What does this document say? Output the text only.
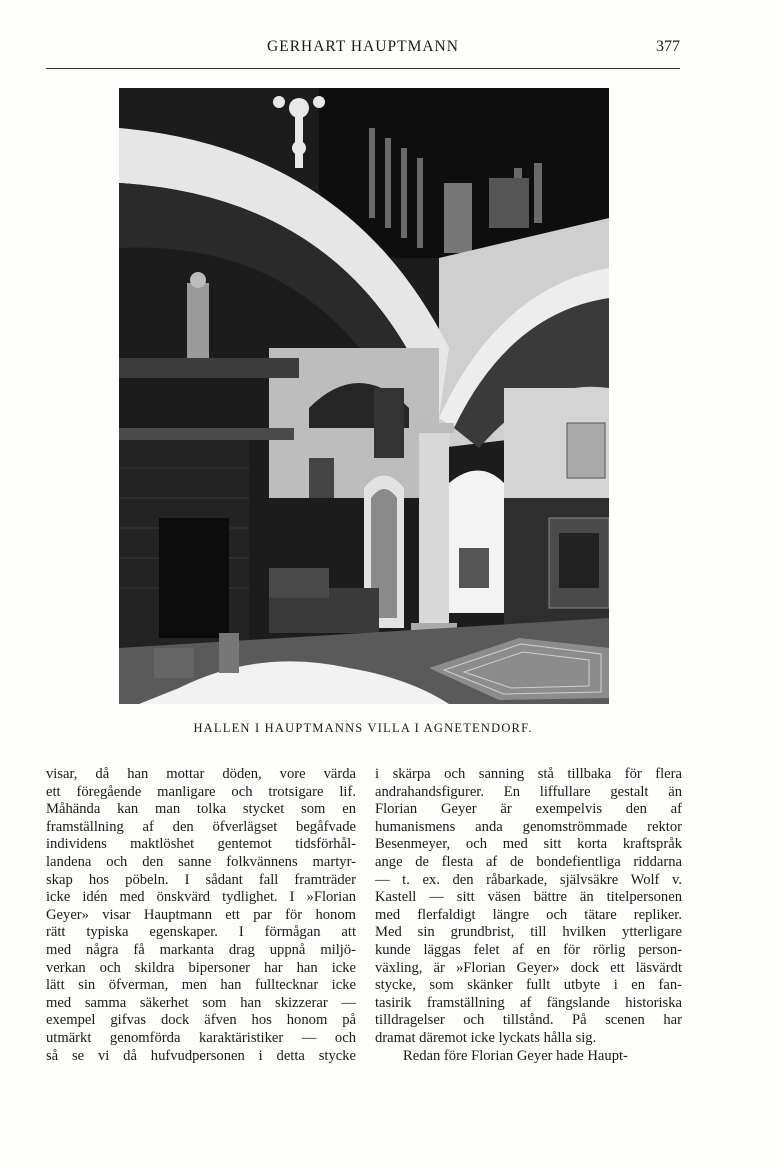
GERHART HAUPTMANN	377
HALLEN I HAUPTMANNS VILLA I AGNETENDORF.
visar, då han mottar döden, vore värda
ett föregående manligare och trotsigare lif.
Måhända kan man tolka stycket som en
framställning af den öfverlägset begåfvade
individens maktlöshet gentemot tidsförhål-
landena och den sanne folkvännens martyr-
skap hos pöbeln. I sådant fall framträder
icke idén med önskvärd tydlighet. I »Florian
Geyer» visar Hauptmann ett par för honom
rätt typiska egenskaper. I förmågan att
med några få markanta drag uppnå miljö-
verkan och skildra bipersoner har han icke
lätt sin öfverman, men han fulltecknar icke
med samma säkerhet som han skizzerar —
exempel gifvas dock äfven hos honom på
utmärkt genomförda karaktäristiker — och
så se vi då hufvudpersonen i detta stycke
i skärpa och sanning stå tillbaka för flera
andrahandsfigurer. En liffullare gestalt än
Florian Geyer är exempelvis den af
humanismens anda genomströmmade rektor
Besenmeyer, och med sitt korta kraftspråk
ange de flesta af de bondefientliga riddarna
— t. ex. den råbarkade, självsäkre Wolf v.
Kastell — sitt väsen bättre än titelpersonen
med flerfaldigt längre och tätare repliker.
Med sin grundbrist, till hvilken ytterligare
kunde läggas felet af en för rörlig person-
växling, är »Florian Geyer» dock ett läsvärdt
stycke, som skänker fullt utbyte i en fan-
tasirik framställning af fängslande historiska
tilldragelser och tillstånd. På scenen har
dramat däremot icke lyckats hålla sig.
Redan före Florian Geyer hade Haupt-
